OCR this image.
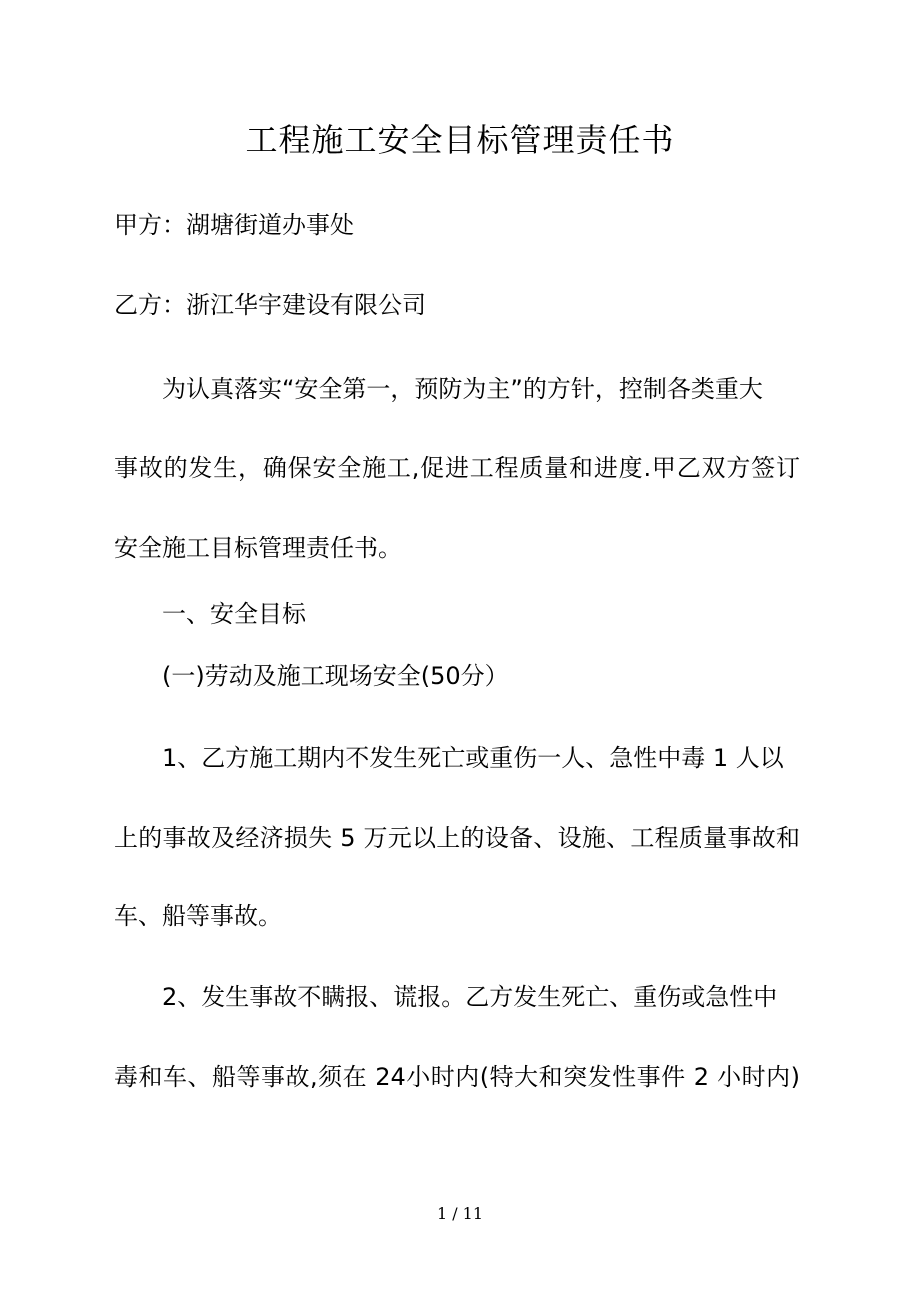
工程施工安全目标管理责任书
甲方：湖塘街道办事处
乙方：浙江华宇建设有限公司
为认真落实“安全第一，预防为主”的方针，控制各类重大
事故的发生，确保安全施工,促进工程质量和进度.甲乙双方签订
安全施工目标管理责任书。
一、安全目标
(一)劳动及施工现场安全(50分）
1、乙方施工期内不发生死亡或重伤一人、急性中毒 1 人以
上的事故及经济损失 5 万元以上的设备、设施、工程质量事故和
车、船等事故。
2、发生事故不瞒报、谎报。乙方发生死亡、重伤或急性中
毒和车、船等事故,须在 24小时内(特大和突发性事件 2 小时内)
1 / 11
